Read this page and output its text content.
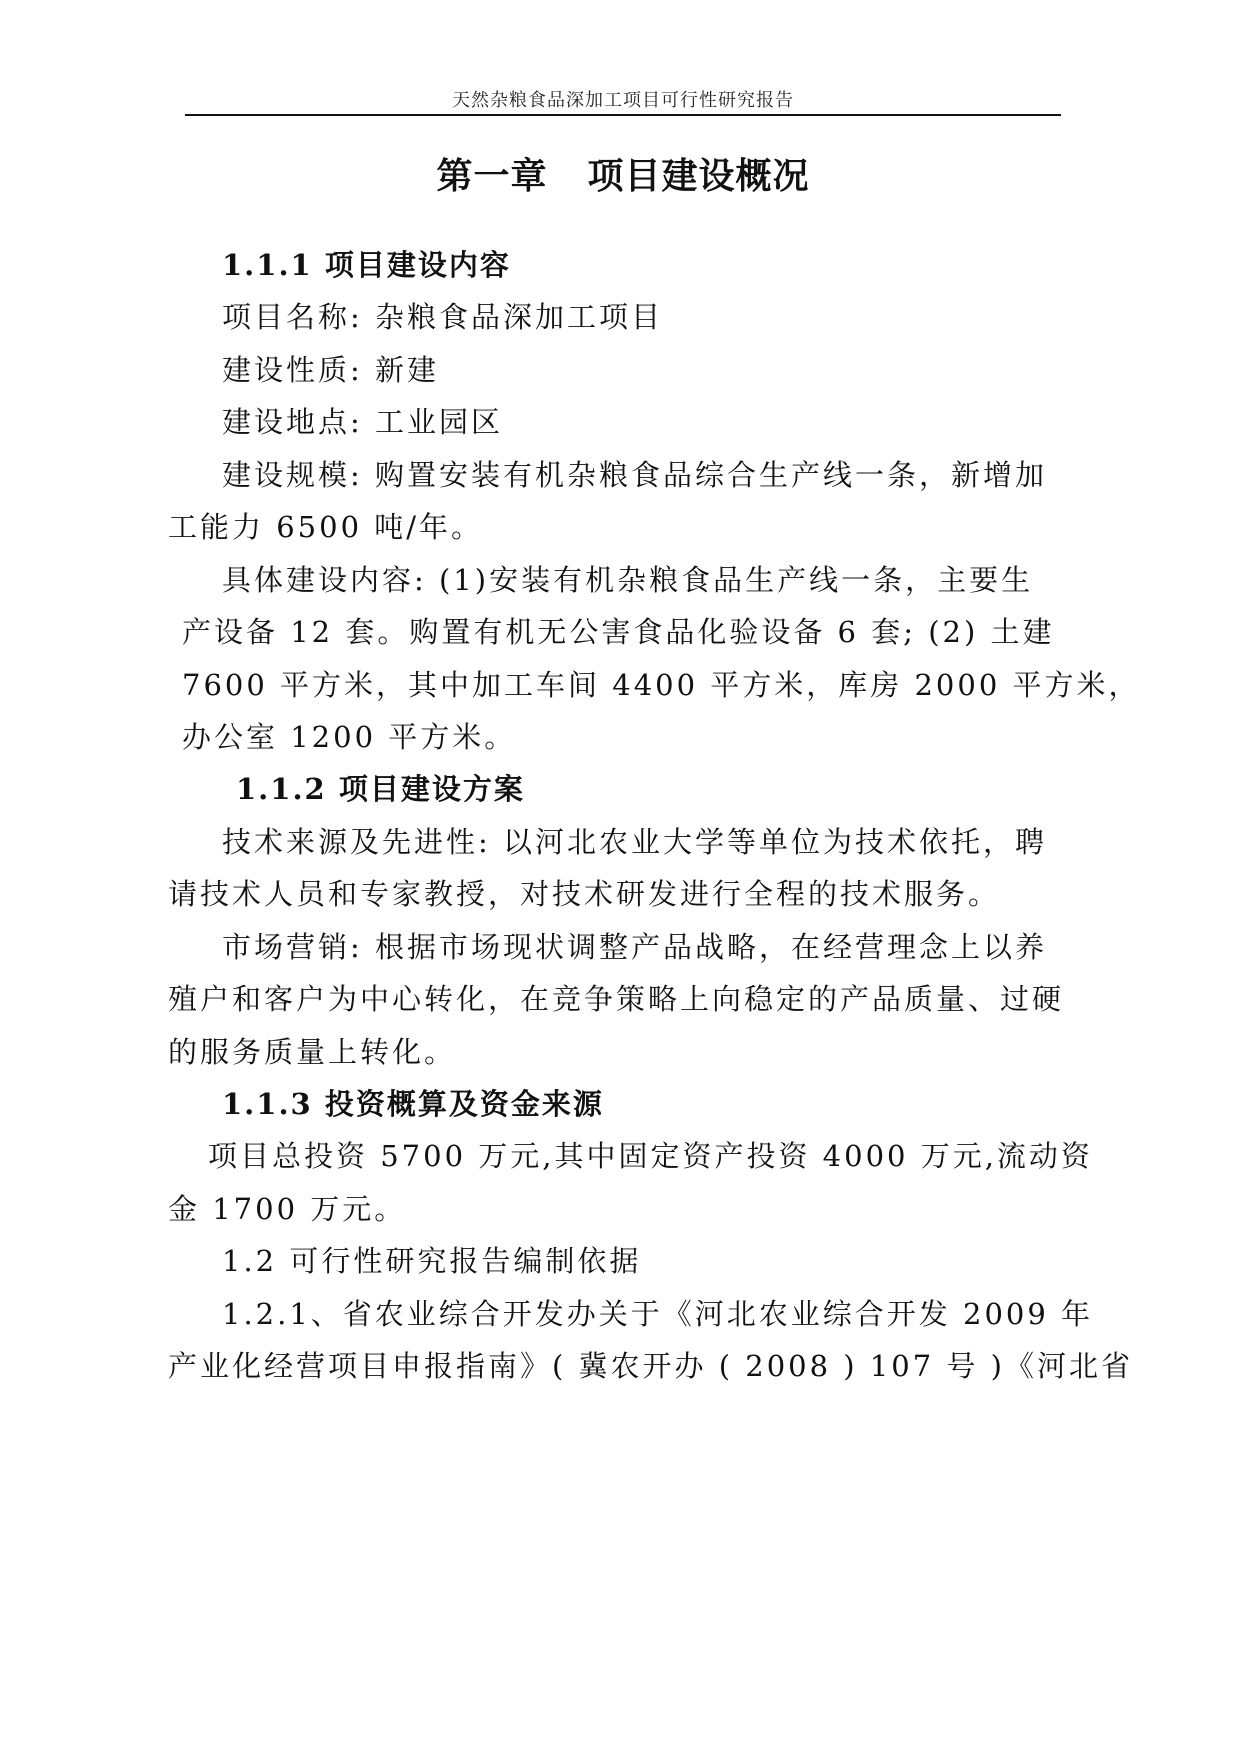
天然杂粮食品深加工项目可行性研究报告
第一章 项目建设概况
1.1.1 项目建设内容
项目名称: 杂粮食品深加工项目
建设性质: 新建
建设地点: 工业园区
建设规模: 购置安装有机杂粮食品综合生产线一条，新增加
工能力 6500 吨/年。
具体建设内容: (1)安装有机杂粮食品生产线一条，主要生
产设备 12 套。购置有机无公害食品化验设备 6 套; (2) 土建
7600 平方米，其中加工车间 4400 平方米，库房 2000 平方米，
办公室 1200 平方米。
1.1.2 项目建设方案
技术来源及先进性: 以河北农业大学等单位为技术依托，聘
请技术人员和专家教授，对技术研发进行全程的技术服务。
市场营销: 根据市场现状调整产品战略，在经营理念上以养
殖户和客户为中心转化，在竞争策略上向稳定的产品质量、过硬
的服务质量上转化。
1.1.3 投资概算及资金来源
项目总投资 5700 万元,其中固定资产投资 4000 万元,流动资
金 1700 万元。
1.2 可行性研究报告编制依据
1.2.1、省农业综合开发办关于《河北农业综合开发 2009 年
产业化经营项目申报指南》( 冀农开办 ( 2008 ) 107 号 )《河北省
